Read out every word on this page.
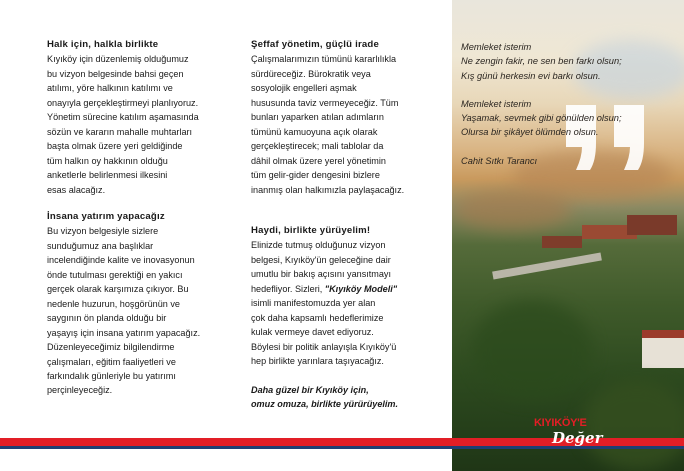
Halk için, halkla birlikte

Kıyıköy için düzenlemiş olduğumuz

bu vizyon belgesinde bahsi geçen

atılımı, yöre halkının katılımı ve

onayıyla gerçekleştirmeyi planlıyoruz.

Yönetim sürecine katılım aşamasında

sözün ve kararın mahalle muhtarları

başta olmak üzere yeri geldiğinde

tüm halkın oy hakkının olduğu

anketlerle belirlenmesi ilkesini

esas alacağız.

İnsana yatırım yapacağız

Bu vizyon belgesiyle sizlere

sunduğumuz ana başlıklar

incelendiğinde kalite ve inovasyonun

önde tutulması gerektiği en yakıcı

gerçek olarak karşımıza çıkıyor. Bu

nedenle huzurun, hoşgörünün ve

saygının ön planda olduğu bir

yaşayış için insana yatırım yapacağız.

Düzenleyeceğimiz bilgilendirme

çalışmaları, eğitim faaliyetleri ve

farkındalık günleriyle bu yatırımı

perçinleyeceğiz.

Şeffaf yönetim, güçlü irade

Çalışmalarımızın tümünü kararlılıkla

sürdüreceğiz. Bürokratik veya

sosyolojik engelleri aşmak

hususunda taviz vermeyeceğiz. Tüm

bunları yaparken atılan adımların

tümünü kamuoyuna açık olarak

gerçekleştirecek; mali tablolar da

dâhil olmak üzere yerel yönetimin

tüm gelir-gider dengesini bizlere

inanmış olan halkımızla paylaşacağız.

Haydi, birlikte yürüyelim!

Elinizde tutmuş olduğunuz vizyon

belgesi, Kıyıköy'ün geleceğine dair

umutlu bir bakış açısını yansıtmayı

hedefliyor. Sizleri, "Kıyıköy Modeli"

isimli manifestomuzda yer alan

çok daha kapsamlı hedeflerimize

kulak vermeye davet ediyoruz.

Böylesi bir politik anlayışla Kıyıköy'ü

hep birlikte yarınlara taşıyacağız.

Daha güzel bir Kıyıköy için,

omuz omuza, birlikte yürürüyelim.

Memleket isterim

Ne zengin fakir, ne sen ben farkı olsun;

Kış günü herkesin evi barkı olsun.

Memleket isterim

Yaşamak, sevmek gibi gönülden olsun;

Olursa bir şikâyet ölümden olsun.

Cahit Sıtkı Tarancı

KIYIKÖY'E
Değer
